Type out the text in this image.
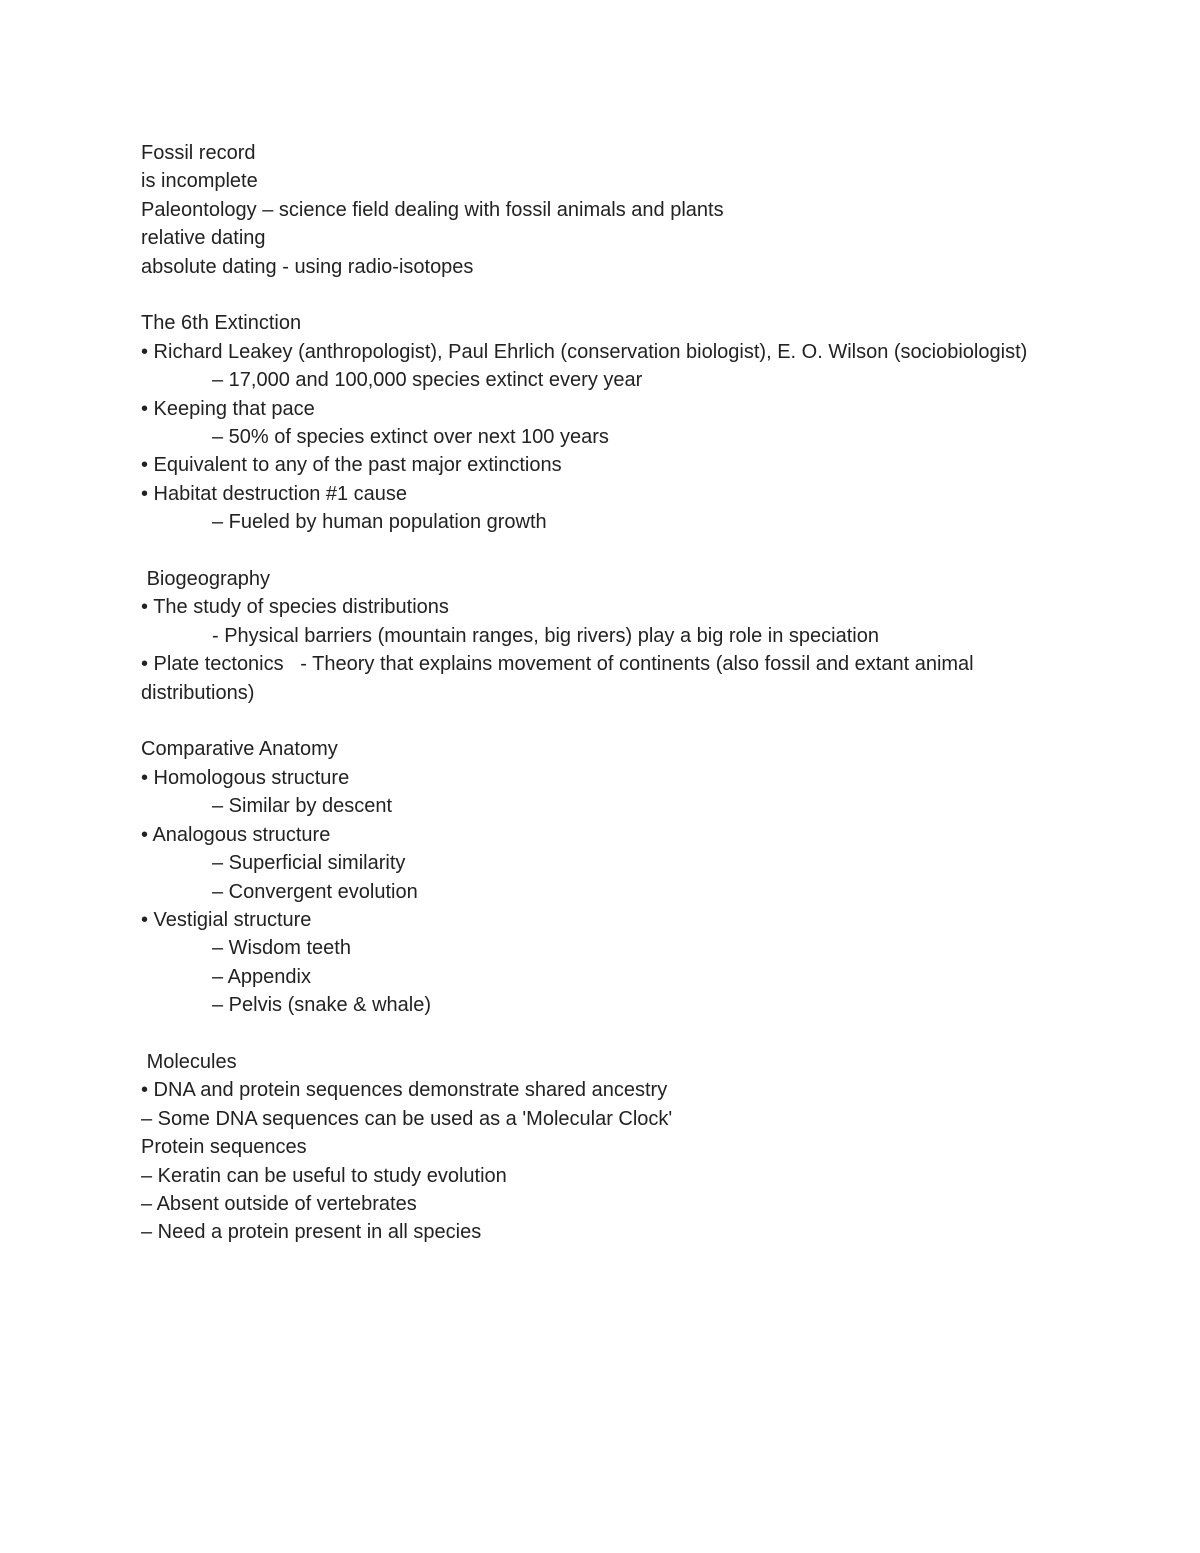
Fossil record

is incomplete

Paleontology – science field dealing with fossil animals and plants

relative dating

absolute dating - using radio-isotopes

The 6th Extinction

• Richard Leakey (anthropologist), Paul Ehrlich (conservation biologist), E. O. Wilson (sociobiologist)

– 17,000 and 100,000 species extinct every year

• Keeping that pace

– 50% of species extinct over next 100 years

• Equivalent to any of the past major extinctions

• Habitat destruction #1 cause

– Fueled by human population growth

Biogeography

• The study of species distributions

- Physical barriers (mountain ranges, big rivers) play a big role in speciation

• Plate tectonics   - Theory that explains movement of continents (also fossil and extant animal distributions)

Comparative Anatomy

• Homologous structure

– Similar by descent

• Analogous structure

– Superficial similarity

– Convergent evolution

• Vestigial structure

– Wisdom teeth

– Appendix

– Pelvis (snake & whale)

Molecules

• DNA and protein sequences demonstrate shared ancestry

– Some DNA sequences can be used as a 'Molecular Clock'

Protein sequences

– Keratin can be useful to study evolution

– Absent outside of vertebrates

– Need a protein present in all species
